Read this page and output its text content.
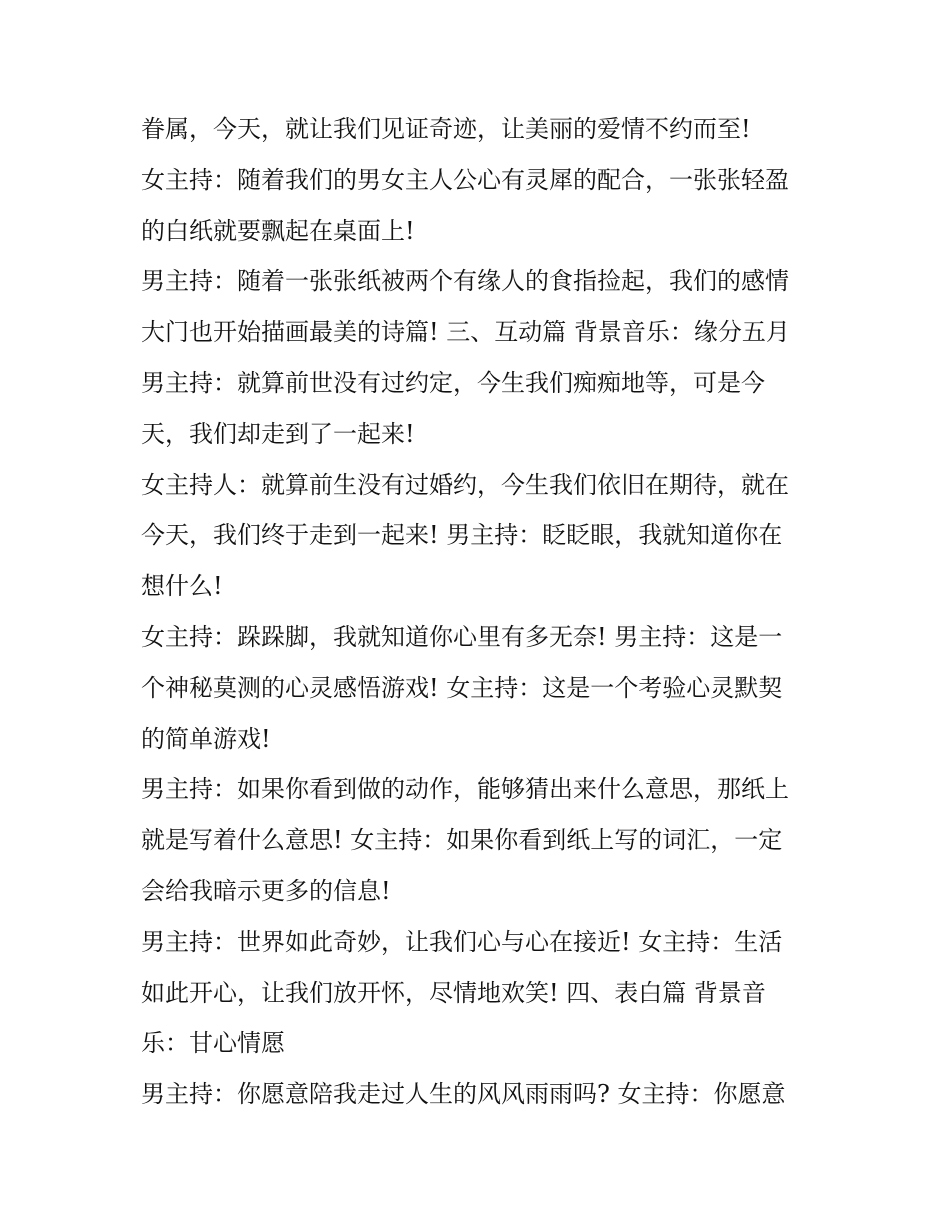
眷属，今天，就让我们见证奇迹，让美丽的爱情不约而至!
女主持：随着我们的男女主人公心有灵犀的配合，一张张轻盈
的白纸就要飘起在桌面上!
男主持：随着一张张纸被两个有缘人的食指捡起，我们的感情
大门也开始描画最美的诗篇! 三、互动篇 背景音乐：缘分五月
男主持：就算前世没有过约定，今生我们痴痴地等，可是今
天，我们却走到了一起来!
女主持人：就算前生没有过婚约，今生我们依旧在期待，就在
今天，我们终于走到一起来! 男主持：眨眨眼，我就知道你在
想什么!
女主持：跺跺脚，我就知道你心里有多无奈! 男主持：这是一
个神秘莫测的心灵感悟游戏! 女主持：这是一个考验心灵默契
的简单游戏!
男主持：如果你看到做的动作，能够猜出来什么意思，那纸上
就是写着什么意思! 女主持：如果你看到纸上写的词汇，一定
会给我暗示更多的信息!
男主持：世界如此奇妙，让我们心与心在接近! 女主持：生活
如此开心，让我们放开怀，尽情地欢笑! 四、表白篇 背景音
乐：甘心情愿
男主持：你愿意陪我走过人生的风风雨雨吗? 女主持：你愿意
